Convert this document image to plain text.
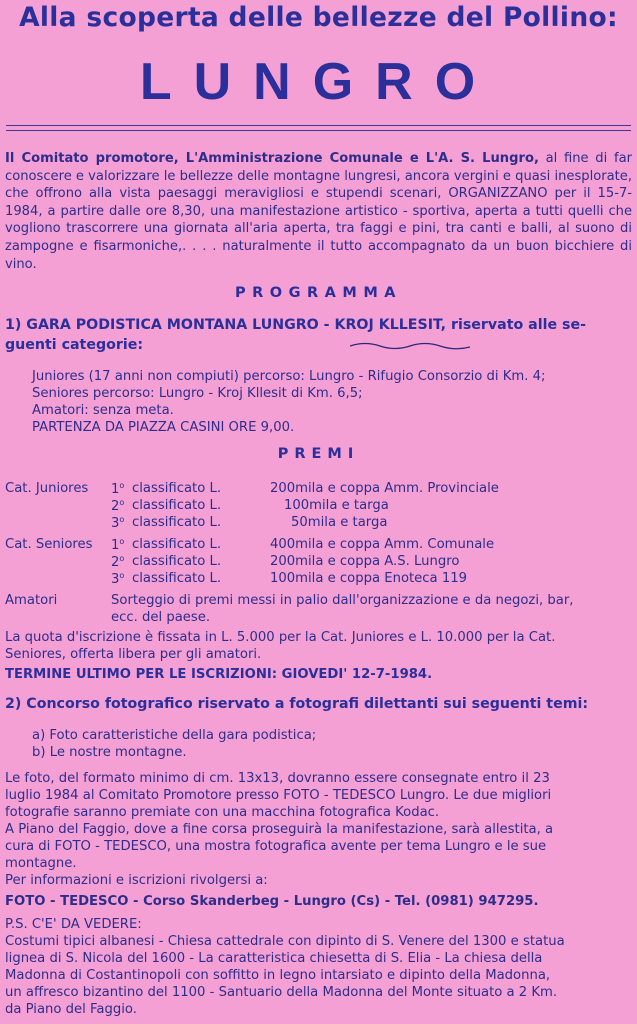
Alla scoperta delle bellezze del Pollino:
LUNGRO
Il Comitato promotore, L'Amministrazione Comunale e L'A. S. Lungro, al fine di far conoscere e valorizzare le bellezze delle montagne lungresi, ancora vergini e quasi inesplorate, che offrono alla vista paesaggi meravigliosi e stupendi scenari, ORGANIZZANO per il 15-7-1984, a partire dalle ore 8,30, una manifestazione artistico - sportiva, aperta a tutti quelli che vogliono trascorrere una giornata all'aria aperta, tra faggi e pini, tra canti e balli, al suono di zampogne e fisarmoniche,. . . . naturalmente il tutto accompagnato da un buon bicchiere di vino.
PROGRAMMA
1) GARA PODISTICA MONTANA LUNGRO - KROJ KLLESIT, riservato alle se-
guenti categorie:
Juniores (17 anni non compiuti) percorso: Lungro - Rifugio Consorzio di Km. 4;
Seniores percorso: Lungro - Kroj Kllesit di Km. 6,5;
Amatori: senza meta.
PARTENZA DA PIAZZA CASINI ORE 9,00.
PREMI
Cat. Juniores 1$^o$ classificato L.	200mila e coppa Amm. Provinciale
2$^o$ classificato L.	100mila e targa
3$^o$ classificato L.	50mila e targa
Cat. Seniores 1$^o$ classificato L.	400mila e coppa Amm. Comunale
2$^o$ classificato L.	200mila e coppa A.S. Lungro
3$^o$ classificato L.	100mila e coppa Enoteca 119
Amatori	Sorteggio di premi messi in palio dall'organizzazione e da negozi, bar,
ecc. del paese.
La quota d'iscrizione è fissata in L. 5.000 per la Cat. Juniores e L. 10.000 per la Cat.
Seniores, offerta libera per gli amatori.
TERMINE ULTIMO PER LE ISCRIZIONI: GIOVEDI' 12-7-1984.
2) Concorso fotografico riservato a fotografi dilettanti sui seguenti temi:
a) Foto caratteristiche della gara podistica;
b) Le nostre montagne.
Le foto, del formato minimo di cm. 13x13, dovranno essere consegnate entro il 23
luglio 1984 al Comitato Promotore presso FOTO - TEDESCO Lungro. Le due migliori
fotografie saranno premiate con una macchina fotografica Kodac.
A Piano del Faggio, dove a fine corsa proseguirà la manifestazione, sarà allestita, a
cura di FOTO - TEDESCO, una mostra fotografica avente per tema Lungro e le sue
montagne.
Per informazioni e iscrizioni rivolgersi a:
FOTO - TEDESCO - Corso Skanderbeg - Lungro (Cs) - Tel. (0981) 947295.
P.S. C'E' DA VEDERE:
Costumi tipici albanesi - Chiesa cattedrale con dipinto di S. Venere del 1300 e statua
lignea di S. Nicola del 1600 - La caratteristica chiesetta di S. Elia - La chiesa della
Madonna di Costantinopoli con soffitto in legno intarsiato e dipinto della Madonna,
un affresco bizantino del 1100 - Santuario della Madonna del Monte situato a 2 Km.
da Piano del Faggio.
